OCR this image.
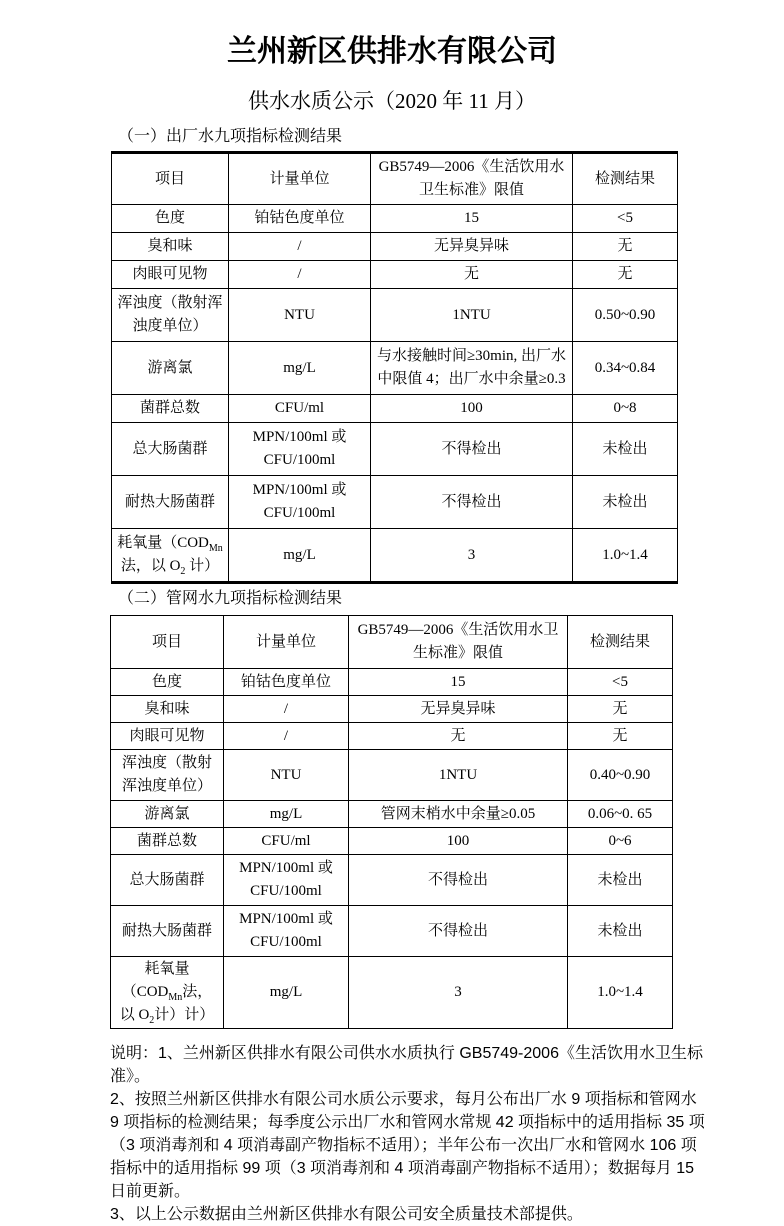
兰州新区供排水有限公司
供水水质公示（2020 年 11 月）
（一）出厂水九项指标检测结果
项目	计量单位	GB5749—2006《生活饮用水卫生标准》限值	检测结果
色度	铂钴色度单位	15	<5
臭和味	/	无异臭异味	无
肉眼可见物	/	无	无
浑浊度（散射浑浊度单位）	NTU	1NTU	0.50~0.90
游离氯	mg/L	与水接触时间≥30min, 出厂水中限值 4；出厂水中余量≥0.3	0.34~0.84
菌群总数	CFU/ml	100	0~8
总大肠菌群	MPN/100ml 或 CFU/100ml	不得检出	未检出
耐热大肠菌群	MPN/100ml 或 CFU/100ml	不得检出	未检出
耗氧量（$COD_{Mn}$法，以 $O_2$ 计）	mg/L	3	1.0~1.4
（二）管网水九项指标检测结果
项目	计量单位	GB5749—2006《生活饮用水卫生标准》限值	检测结果
色度	铂钴色度单位	15	<5
臭和味	/	无异臭异味	无
肉眼可见物	/	无	无
浑浊度（散射浑浊度单位）	NTU	1NTU	0.40~0.90
游离氯	mg/L	管网末梢水中余量≥0.05	0.06~0. 65
菌群总数	CFU/ml	100	0~6
总大肠菌群	MPN/100ml 或 CFU/100ml	不得检出	未检出
耐热大肠菌群	MPN/100ml 或 CFU/100ml	不得检出	未检出
耗氧量（$COD_{Mn}$法，以 $O_2$计）计）	mg/L	3	1.0~1.4

说明：1、兰州新区供排水有限公司供水水质执行 GB5749-2006《生活饮用水卫生标准》。

2、按照兰州新区供排水有限公司水质公示要求，每月公布出厂水 9 项指标和管网水 9 项指标的检测结果；每季度公示出厂水和管网水常规 42 项指标中的适用指标 35 项（3 项消毒剂和 4 项消毒副产物指标不适用）；半年公布一次出厂水和管网水 106 项指标中的适用指标 99 项（3 项消毒剂和 4 项消毒副产物指标不适用）；数据每月 15 日前更新。

3、以上公示数据由兰州新区供排水有限公司安全质量技术部提供。
